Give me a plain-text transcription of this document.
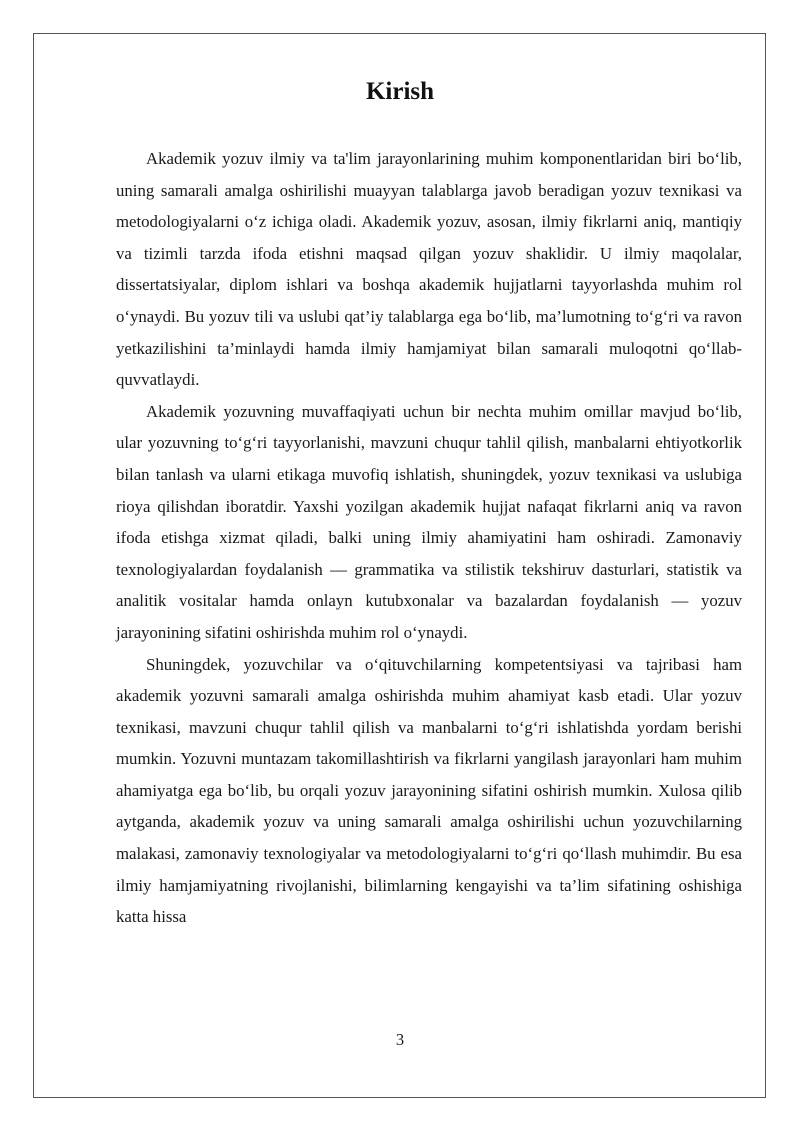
Kirish

Akademik yozuv ilmiy va ta'lim jarayonlarining muhim komponentlaridan biri bo‘lib, uning samarali amalga oshirilishi muayyan talablarga javob beradigan yozuv texnikasi va metodologiyalarni o‘z ichiga oladi. Akademik yozuv, asosan, ilmiy fikrlarni aniq, mantiqiy va tizimli tarzda ifoda etishni maqsad qilgan yozuv shaklidir. U ilmiy maqolalar, dissertatsiyalar, diplom ishlari va boshqa akademik hujjatlarni tayyorlashda muhim rol o‘ynaydi. Bu yozuv tili va uslubi qat’iy talablarga ega bo‘lib, ma’lumotning to‘g‘ri va ravon yetkazilishini ta’minlaydi hamda ilmiy hamjamiyat bilan samarali muloqotni qo‘llab-quvvatlaydi.

Akademik yozuvning muvaffaqiyati uchun bir nechta muhim omillar mavjud bo‘lib, ular yozuvning to‘g‘ri tayyorlanishi, mavzuni chuqur tahlil qilish, manbalarni ehtiyotkorlik bilan tanlash va ularni etikaga muvofiq ishlatish, shuningdek, yozuv texnikasi va uslubiga rioya qilishdan iboratdir. Yaxshi yozilgan akademik hujjat nafaqat fikrlarni aniq va ravon ifoda etishga xizmat qiladi, balki uning ilmiy ahamiyatini ham oshiradi. Zamonaviy texnologiyalardan foydalanish — grammatika va stilistik tekshiruv dasturlari, statistik va analitik vositalar hamda onlayn kutubxonalar va bazalardan foydalanish — yozuv jarayonining sifatini oshirishda muhim rol o‘ynaydi.

Shuningdek, yozuvchilar va o‘qituvchilarning kompetentsiyasi va tajribasi ham akademik yozuvni samarali amalga oshirishda muhim ahamiyat kasb etadi. Ular yozuv texnikasi, mavzuni chuqur tahlil qilish va manbalarni to‘g‘ri ishlatishda yordam berishi mumkin. Yozuvni muntazam takomillashtirish va fikrlarni yangilash jarayonlari ham muhim ahamiyatga ega bo‘lib, bu orqali yozuv jarayonining sifatini oshirish mumkin. Xulosa qilib aytganda, akademik yozuv va uning samarali amalga oshirilishi uchun yozuvchilarning malakasi, zamonaviy texnologiyalar va metodologiyalarni to‘g‘ri qo‘llash muhimdir. Bu esa ilmiy hamjamiyatning rivojlanishi, bilimlarning kengayishi va ta’lim sifatining oshishiga katta hissa

3
